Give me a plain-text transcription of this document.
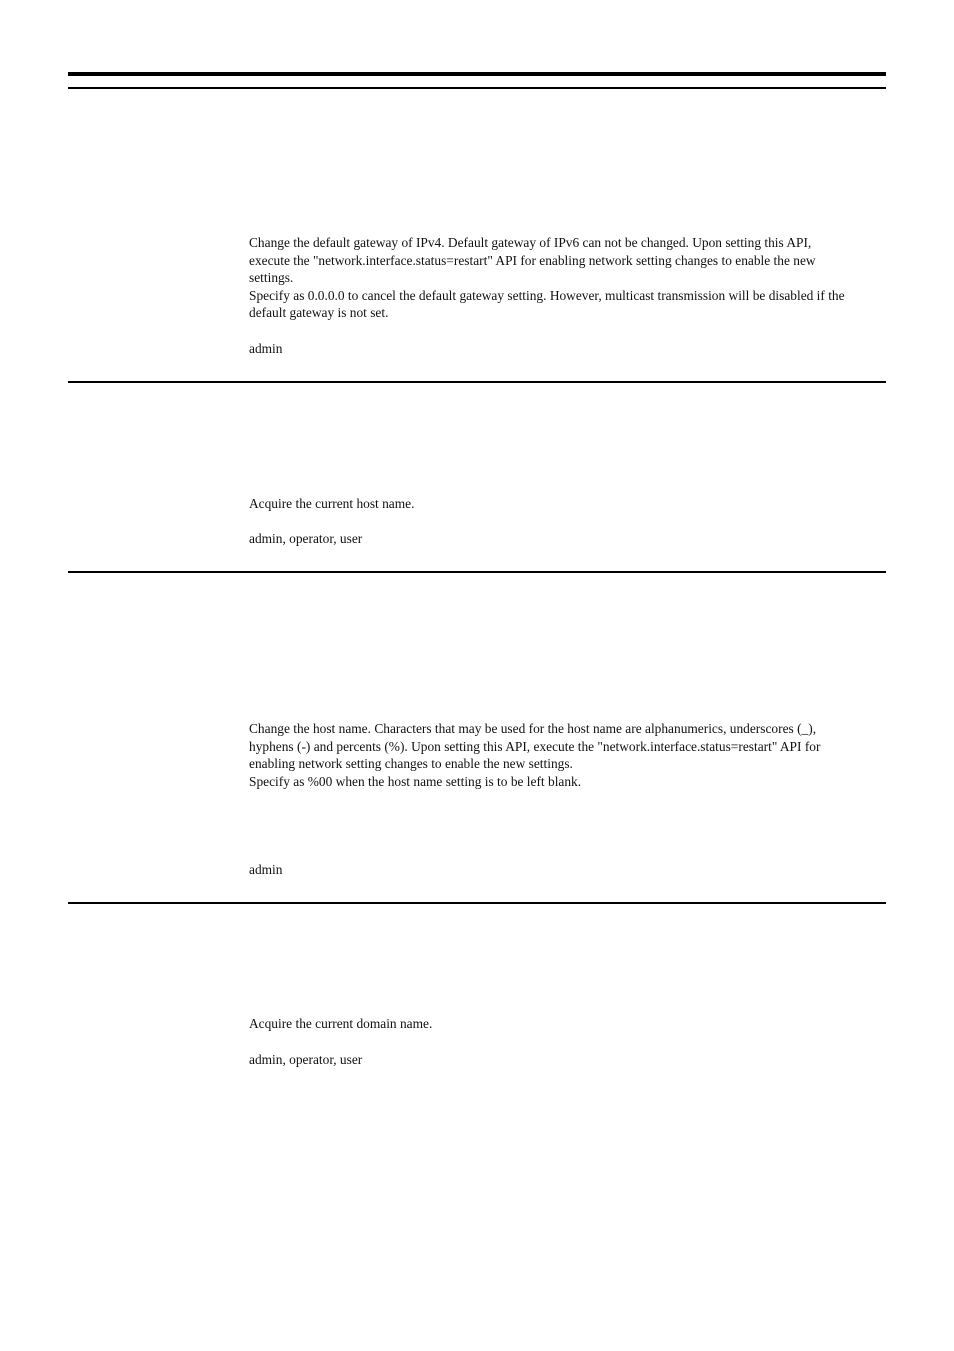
Change the default gateway of IPv4. Default gateway of IPv6 can not be changed. Upon setting this API,
execute the "network.interface.status=restart" API for enabling network setting changes to enable the new
settings.
Specify as 0.0.0.0 to cancel the default gateway setting. However, multicast transmission will be disabled if the
default gateway is not set.
admin
Acquire the current host name.
admin, operator, user
Change the host name. Characters that may be used for the host name are alphanumerics, underscores (_),
hyphens (-) and percents (%). Upon setting this API, execute the "network.interface.status=restart" API for
enabling network setting changes to enable the new settings.
Specify as %00 when the host name setting is to be left blank.
admin
Acquire the current domain name.
admin, operator, user
